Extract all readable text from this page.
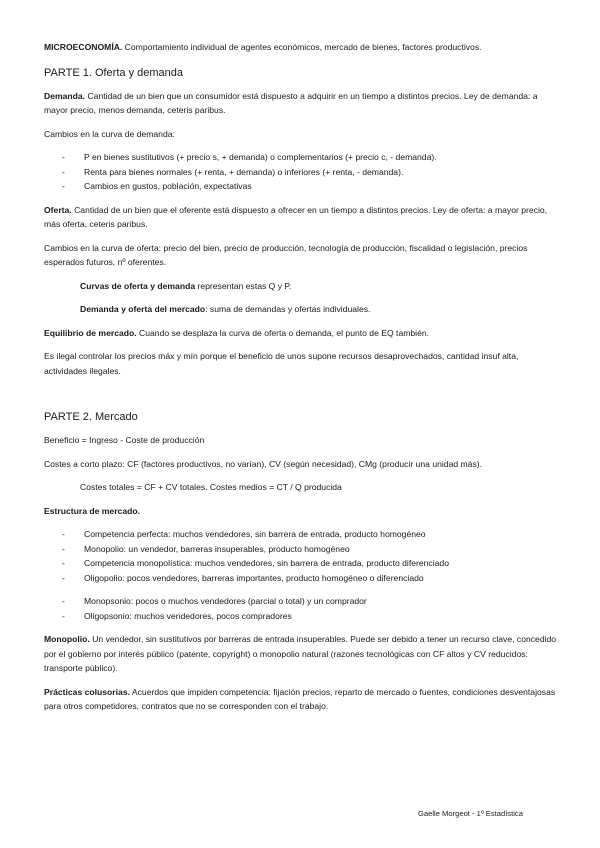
MICROECONOMÍA. Comportamiento individual de agentes económicos, mercado de bienes, factores productivos.

PARTE 1. Oferta y demanda

Demanda. Cantidad de un bien que un consumidor está dispuesto a adquirir en un tiempo a distintos precios. Ley de demanda: a mayor precio, menos demanda, ceteris paribus.

Cambios en la curva de demanda:

- P en bienes sustitutivos (+ precio s, + demanda) o complementarios (+ precio c, - demanda).
- Renta para bienes normales (+ renta, + demanda) o inferiores (+ renta, - demanda).
- Cambios en gustos, población, expectativas

Oferta. Cantidad de un bien que el oferente está dispuesto a ofrecer en un tiempo a distintos precios. Ley de oferta: a mayor precio, más oferta, ceteris paribus.

Cambios en la curva de oferta: precio del bien, precio de producción, tecnología de producción, fiscalidad o legislación, precios esperados futuros, nº oferentes.

Curvas de oferta y demanda representan estas Q y P.

Demanda y oferta del mercado: suma de demandas y ofertas individuales.

Equilibrio de mercado. Cuando se desplaza la curva de oferta o demanda, el punto de EQ también.

Es ilegal controlar los precios máx y mín porque el beneficio de unos supone recursos desaprovechados, cantidad insuf alta, actividades ilegales.

PARTE 2. Mercado

Beneficio = Ingreso - Coste de producción

Costes a corto plazo: CF (factores productivos, no varían), CV (según necesidad), CMg (producir una unidad más).

Costes totales = CF + CV totales. Costes medios = CT / Q producida

Estructura de mercado.

- Competencia perfecta: muchos vendedores, sin barrera de entrada, producto homogéneo
- Monopolio: un vendedor, barreras insuperables, producto homogéneo
- Competencia monopolística: muchos vendedores, sin barrera de entrada, producto diferenciado
- Oligopolio: pocos vendedores, barreras importantes, producto homogéneo o diferenciado
- Monopsonio: pocos o muchos vendedores (parcial o total) y un comprador
- Oligopsonio: muchos vendedores, pocos compradores

Monopolio. Un vendedor, sin sustitutivos por barreras de entrada insuperables. Puede ser debido a tener un recurso clave, concedido por el gobierno por interés público (patente, copyright) o monopolio natural (razones tecnológicas con CF altos y CV reducidos: transporte público).

Prácticas colusorias. Acuerdos que impiden competencia: fijación precios, reparto de mercado o fuentes, condiciones desventajosas para otros competidores, contratos que no se corresponden con el trabajo.

Gaelle Morgeot - 1º Estadística
